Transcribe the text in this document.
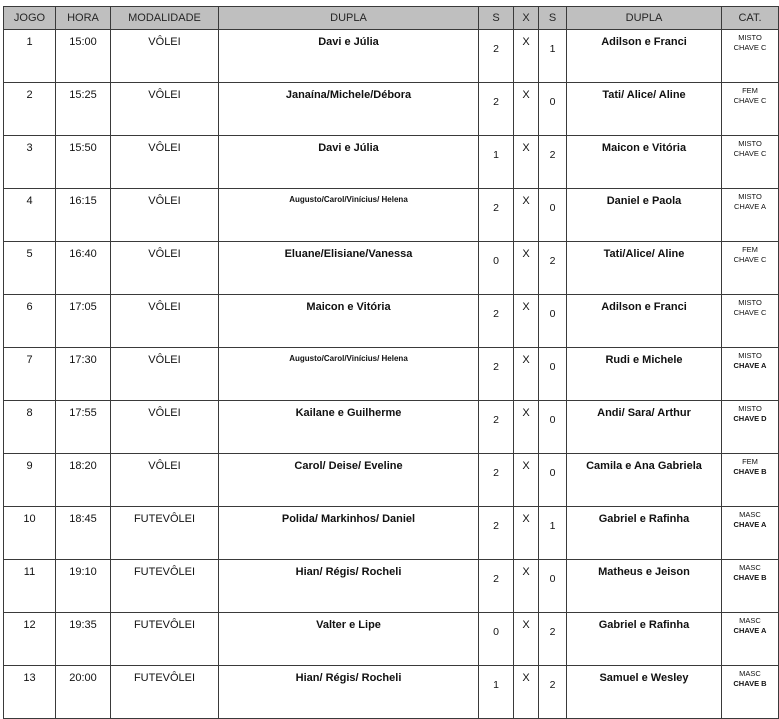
JOGO	HORA	MODALIDADE	DUPLA	S	X	S	DUPLA	CAT.
1	15:00	VÔLEI	Davi e Júlia	2	X	1	Adilson e Franci	MISTO
CHAVE C

2	15:25	VÔLEI	Janaína/Michele/Débora	2	X	0	Tati/ Alice/ Aline	FEM
CHAVE C

3	15:50	VÔLEI	Davi e Júlia	1	X	2	Maicon e Vitória	MISTO
CHAVE C

4	16:15	VÔLEI	Augusto/Carol/Vinícius/ Helena	2	X	0	Daniel e Paola	MISTO
CHAVE A

5	16:40	VÔLEI	Eluane/Elisiane/Vanessa	0	X	2	Tati/Alice/ Aline	FEM
CHAVE C

6	17:05	VÔLEI	Maicon e Vitória	2	X	0	Adilson e Franci	MISTO
CHAVE C

7	17:30	VÔLEI	Augusto/Carol/Vinícius/ Helena	2	X	0	Rudi e Michele	MISTO
CHAVE A

8	17:55	VÔLEI	Kailane e Guilherme	2	X	0	Andi/ Sara/ Arthur	MISTO
CHAVE D

9	18:20	VÔLEI	Carol/ Deise/ Eveline	2	X	0	Camila e Ana Gabriela	FEM
CHAVE B

10	18:45	FUTEVÔLEI	Polida/ Markinhos/ Daniel	2	X	1	Gabriel e Rafinha	MASC
CHAVE A

11	19:10	FUTEVÔLEI	Hian/ Régis/ Rocheli	2	X	0	Matheus e Jeison	MASC
CHAVE B

12	19:35	FUTEVÔLEI	Valter e Lipe	0	X	2	Gabriel e Rafinha	MASC
CHAVE A

13	20:00	FUTEVÔLEI	Hian/ Régis/ Rocheli	1	X	2	Samuel e Wesley	MASC
CHAVE B
